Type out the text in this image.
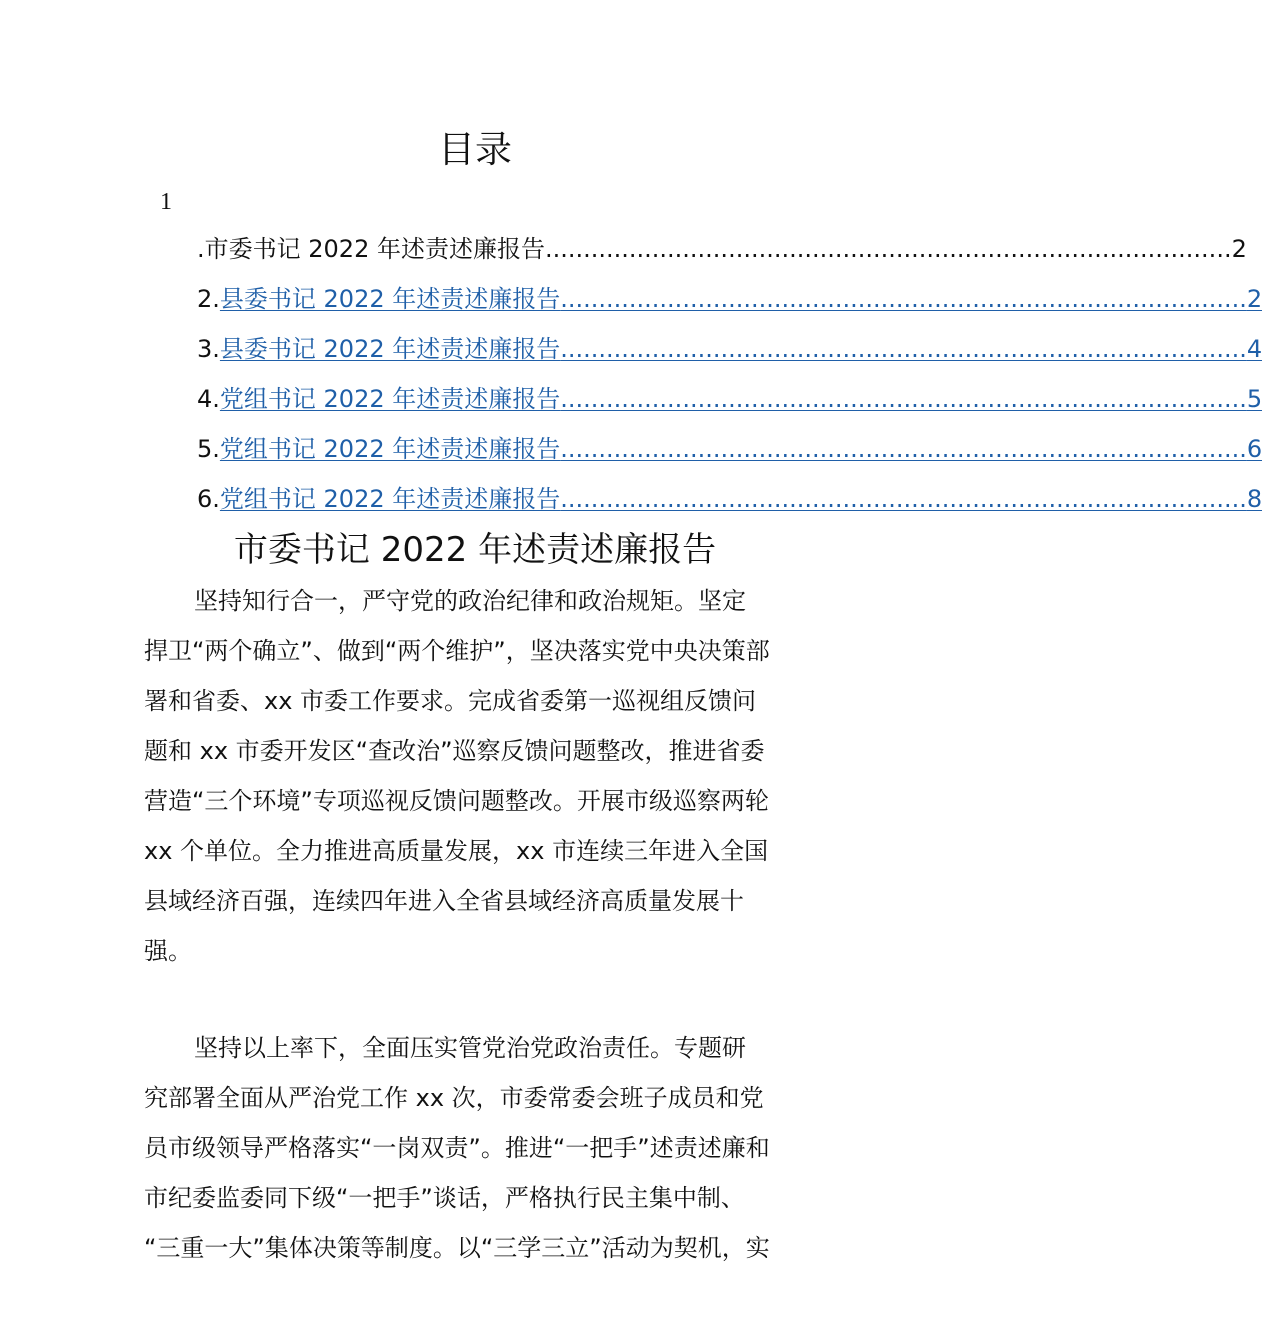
目录
1
.市委书记 2022 年述责述廉报告 .......................................................................................... 2
2. 县委书记 2022 年述责述廉报告 .......................................................................................... 2
3. 县委书记 2022 年述责述廉报告 .......................................................................................... 4
4. 党组书记 2022 年述责述廉报告 .......................................................................................... 5
5. 党组书记 2022 年述责述廉报告 .......................................................................................... 6
6. 党组书记 2022 年述责述廉报告 .......................................................................................... 8
市委书记 2022 年述责述廉报告
坚持知行合一，严守党的政治纪律和政治规矩。坚定
捍卫“两个确立”、做到“两个维护”，坚决落实党中央决策部
署和省委、xx 市委工作要求。完成省委第一巡视组反馈问
题和 xx 市委开发区“查改治”巡察反馈问题整改，推进省委
营造“三个环境”专项巡视反馈问题整改。开展市级巡察两轮
xx 个单位。全力推进高质量发展，xx 市连续三年进入全国
县域经济百强，连续四年进入全省县域经济高质量发展十
强。
坚持以上率下，全面压实管党治党政治责任。专题研
究部署全面从严治党工作 xx 次，市委常委会班子成员和党
员市级领导严格落实“一岗双责”。推进“一把手”述责述廉和
市纪委监委同下级“一把手”谈话，严格执行民主集中制、
“三重一大”集体决策等制度。以“三学三立”活动为契机，实
